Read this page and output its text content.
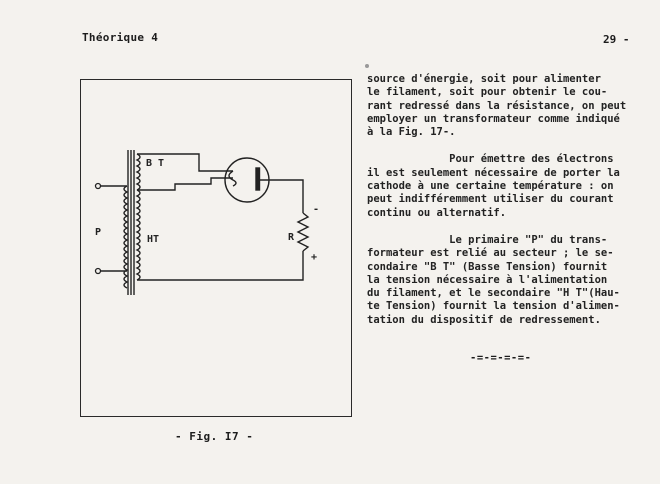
Théorique 4	29 -
B T
HT
P	R
-
+
- Fig. I7 -

source d'énergie, soit pour alimenter

le filament, soit pour obtenir le cou-

rant redressé dans la résistance, on peut

employer un transformateur comme indiqué

à la Fig. 17-.

Pour émettre des électrons

il est seulement nécessaire de porter la

cathode à une certaine température : on

peut indifféremment utiliser du courant

continu ou alternatif.

Le primaire "P" du trans-

formateur est relié au secteur ; le se-

condaire "B T" (Basse Tension) fournit

la tension nécessaire à l'alimentation

du filament, et le secondaire "H T"(Hau-

te Tension) fournit la tension d'alimen-

tation du dispositif de redressement.

-=-=-=-=-
